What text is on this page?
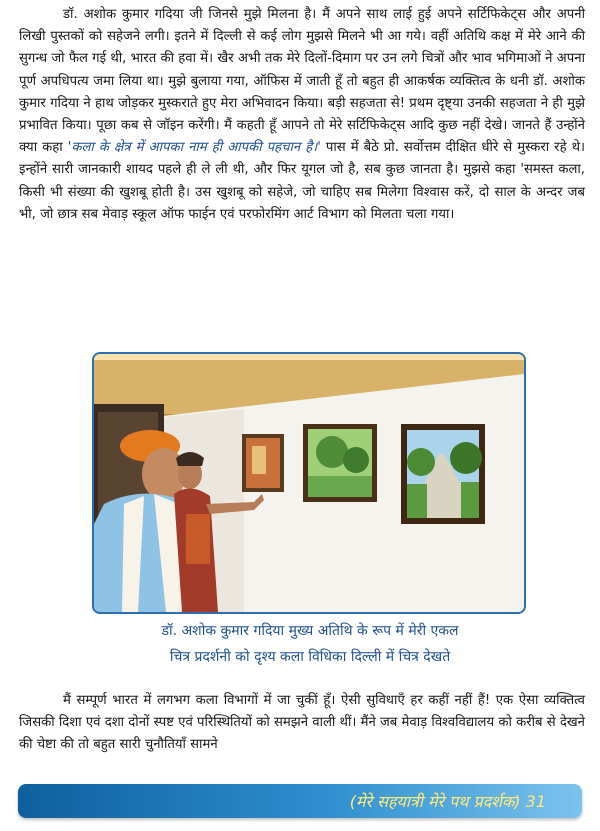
डॉ. अशोक कुमार गदिया जी जिनसे मुझे मिलना है। मैं अपने साथ लाई हुई अपने सर्टिफिकेट्स और अपनी लिखी पुस्तकों को सहेजने लगी। इतने में दिल्ली से कई लोग मुझसे मिलने भी आ गये। वहीं अतिथि कक्ष में मेरे आने की सुगन्ध जो फैल गई थी, भारत की हवा में। खैर अभी तक मेरे दिलों-दिमाग पर उन लगे चित्रों और भाव भगिमाओं ने अपना पूर्ण अपधिपत्य जमा लिया था। मुझे बुलाया गया, ऑफिस में जाती हूँ तो बहुत ही आकर्षक व्यक्तित्व के धनी डॉ. अशोक कुमार गदिया ने हाथ जोड़कर मुस्कराते हुए मेरा अभिवादन किया। बड़ी सहजता से! प्रथम दृष्ट्या उनकी सहजता ने ही मुझे प्रभावित किया। पूछा कब से जॉइन करेंगी। मैं कहती हूँ आपने तो मेरे सर्टिफिकेट्स आदि कुछ नहीं देखे। जानते हैं उन्होंने क्या कहा 'कला के क्षेत्र में आपका नाम ही आपकी पहचान है।' पास में बैठे प्रो. सर्वोत्तम दीक्षित धीरे से मुस्करा रहे थे। इन्होंने सारी जानकारी शायद पहले ही ले ली थी, और फिर यूगल जो है, सब कुछ जानता है। मुझसे कहा 'समस्त कला, किसी भी संख्या की खुशबू होती है। उस खुशबू को सहेजे, जो चाहिए सब मिलेगा विश्वास करें, दो साल के अन्दर जब भी, जो छात्र सब मेवाड़ स्कूल ऑफ फाईन एवं परफोरमिंग आर्ट विभाग को मिलता चला गया।

डॉ. अशोक कुमार गदिया मुख्य अतिथि के रूप में मेरी एकल

चित्र प्रदर्शनी को दृश्य कला विधिका दिल्ली में चित्र देखते

मैं सम्पूर्ण भारत में लगभग कला विभागों में जा चुकीं हूँ। ऐसी सुविधाएँ हर कहीं नहीं हैं! एक ऐसा व्यक्तित्व जिसकी दिशा एवं दशा दोनों स्पष्ट एवं परिस्थितियों को समझने वाली थीं। मैंने जब मेवाड़ विश्वविद्यालय को करीब से देखने की चेष्टा की तो बहुत सारी चुनौतियाँ सामने

(मेरे सहयात्री मेरे पथ प्रदर्शक) 31
